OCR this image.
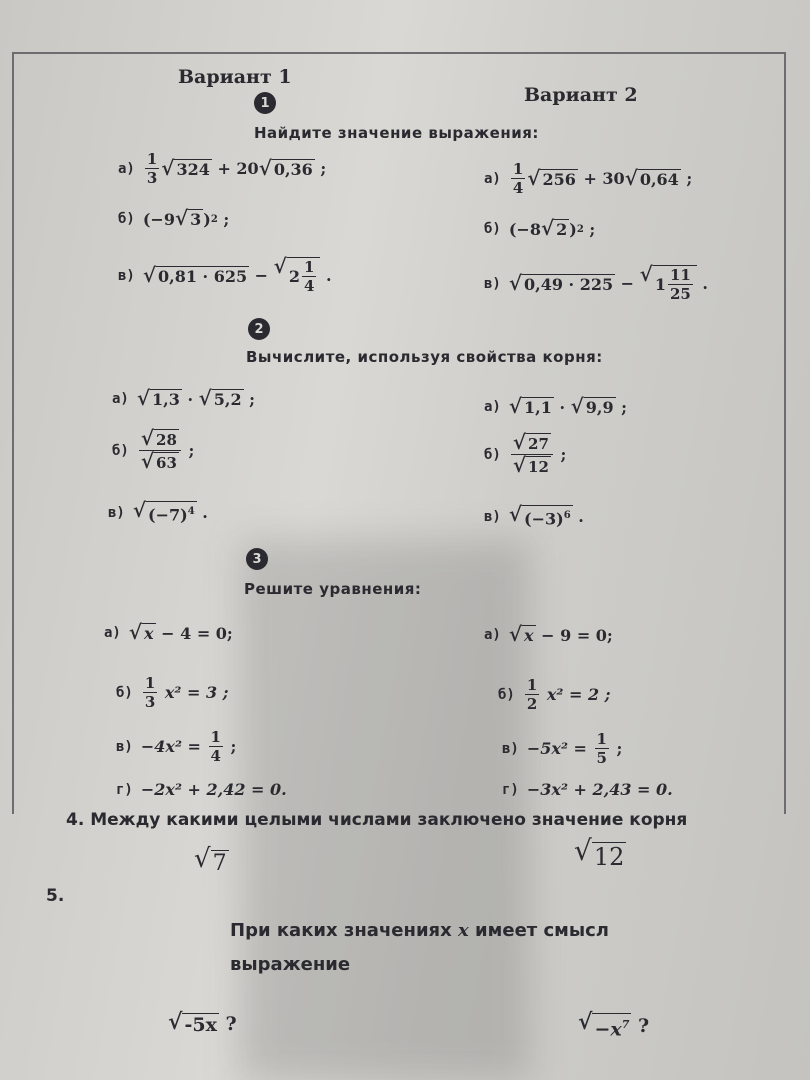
Вариант 1
Вариант 2
1
Найдите значение выражения:
$а) \frac{1}{3}$ √ 324
+ 20 √ 0,36
;
б) (−9 √ 3 ) 2
;
в) √ 0,81 · 625
−
√ $2 \frac{1}{4}$
.
$а) \frac{1}{4}$ √ 256
+ 30 √ 0,64
;
б) (−8 √ 2 ) 2
;
в) √ 0,49 · 225
−
√ $1 \frac{11}{25}$
.
2
Вычислите, используя свойства корня:
а) √ 1,3
·
√ 5,2
;
$б) \frac{√ 28}{√ 63}$
;
в) √ $(-7)^4$
.
а) √ 1,1
·
√ 9,9
;
$б) \frac{√ 27}{√ 12}$
;
в) √ $(-3)^6$
.
3
Решите уравнения:
а) √ x
− 4 = 0;
$б) \frac{1}{3}$
x² = 3 ;
в) −4x² =
$\frac{1}{4}$
;
г) −2x² + 2,42 = 0.
а) √ x
− 9 = 0;
$б) \frac{1}{2}$
x² = 2 ;
в) −5x² =
$\frac{1}{5}$
;
г) −3x² + 2,43 = 0.
4. Между какими целыми числами заключено значение корня
√ 7	√ 12
5.
При каких значениях x имеет смысл
выражение
√ -5x
?	√ $-x^7$
?
